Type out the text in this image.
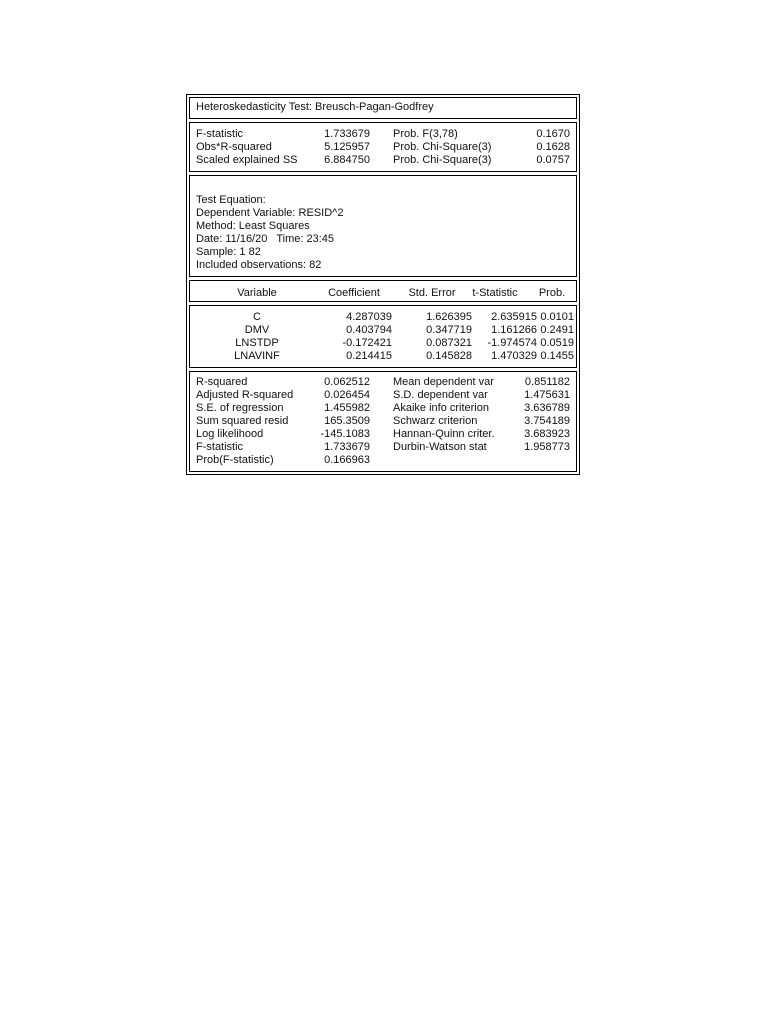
Heteroskedasticity Test: Breusch-Pagan-Godfrey
F-statistic	1.733679 Prob. F(3,78)	0.1670
Obs*R-squared	5.125957 Prob. Chi-Square(3)	0.1628
Scaled explained SS 6.884750 Prob. Chi-Square(3)	0.0757
Test Equation:
Dependent Variable: RESID^2
Method: Least Squares
Date: 11/16/20   Time: 23:45
Sample: 1 82
Included observations: 82
Variable	Coefficient	Std. Error	t-Statistic	Prob.
C	4.287039	1.626395	2.635915 0.0101
DMV	0.403794	0.347719	1.161266 0.2491
LNSTDP	-0.172421	0.087321	-1.974574 0.0519
LNAVINF	0.214415	0.145828	1.470329 0.1455
R-squared	0.062512 Mean dependent var	0.851182
Adjusted R-squared	0.026454 S.D. dependent var	1.475631
S.E. of regression	1.455982 Akaike info criterion	3.636789
Sum squared resid	165.3509 Schwarz criterion	3.754189
Log likelihood	-145.1083 Hannan-Quinn criter.	3.683923
F-statistic	1.733679 Durbin-Watson stat	1.958773
Prob(F-statistic)	0.166963
